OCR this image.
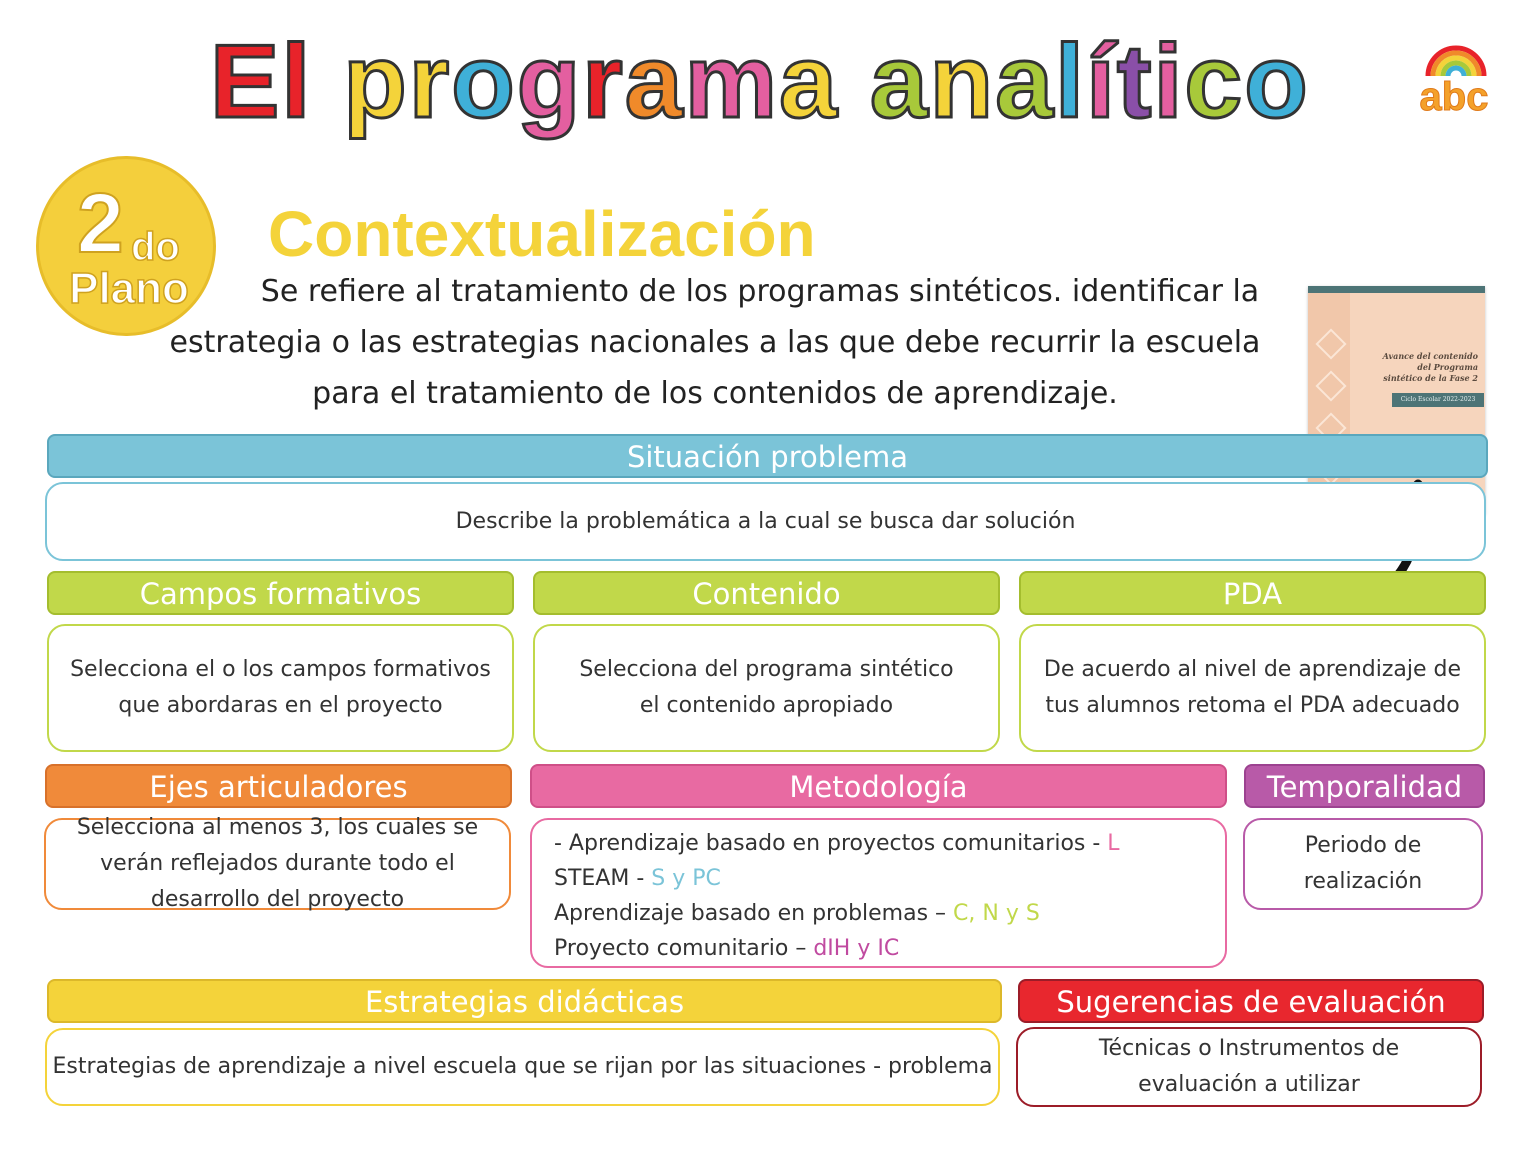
El programa analítico	abc
2 do
Plano
Contextualización
Se refiere al tratamiento de los programas sintéticos. identificar la estrategia o las estrategias nacionales a las que debe recurrir la escuela para el tratamiento de los contenidos de aprendizaje.
Avance del contenido del Programa sintético de la Fase 2
Ciclo Escolar 2022-2023
Situación problema
Describe la problemática a la cual se busca dar solución
Campos formativos
Selecciona el o los campos formativos que abordaras en el proyecto
Contenido
Selecciona del programa sintético el contenido apropiado
PDA
De acuerdo al nivel de aprendizaje de tus alumnos retoma el PDA adecuado
Ejes articuladores
Selecciona al menos 3, los cuales se verán reflejados durante todo el desarrollo del proyecto
Metodología
- Aprendizaje basado en proyectos comunitarios - L
STEAM - S y PC
Aprendizaje basado en problemas – C, N y S
Proyecto comunitario – dIH y IC
Temporalidad
Periodo de realización
Estrategias didácticas
Estrategias de aprendizaje a nivel escuela que se rijan por las situaciones - problema
Sugerencias de evaluación
Técnicas o Instrumentos de evaluación a utilizar
